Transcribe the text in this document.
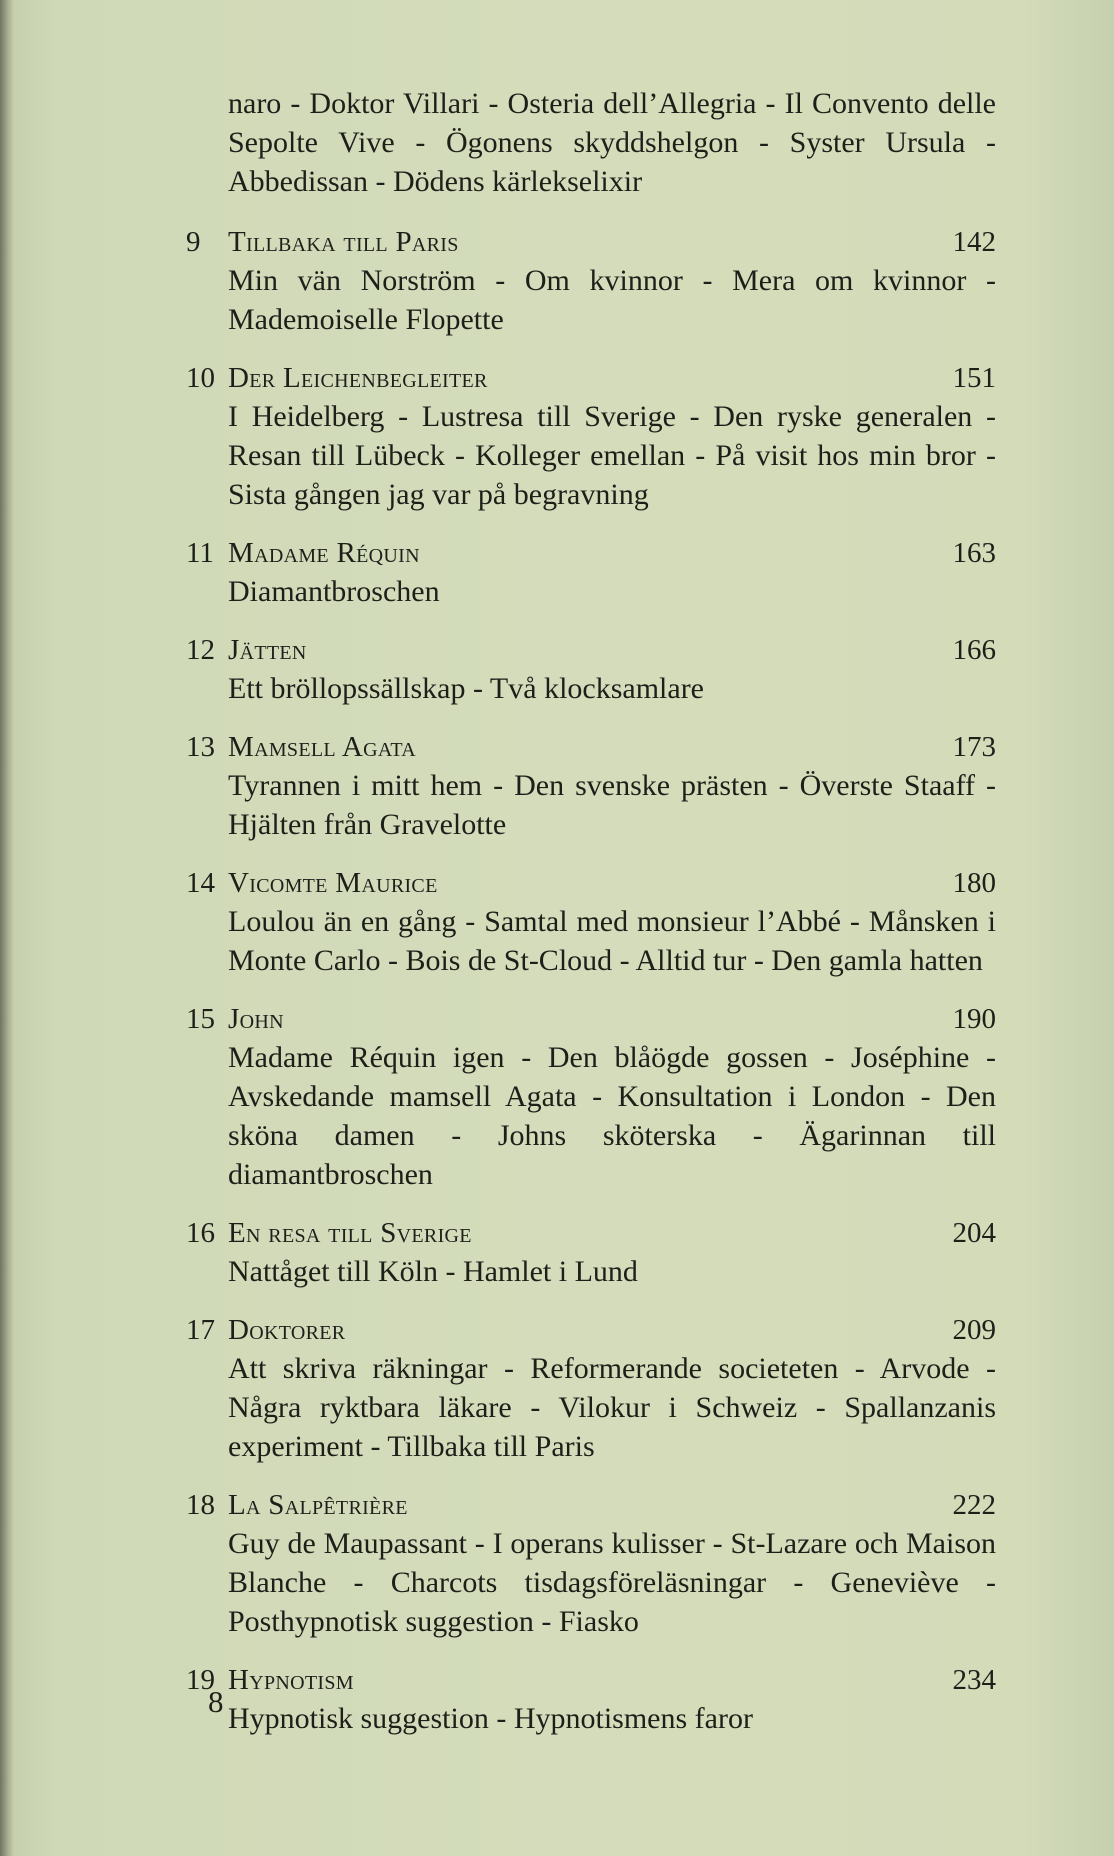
naro - Doktor Villari - Osteria dell’Allegria - Il Convento delle Sepolte Vive - Ögonens skyddshelgon - Syster Ursula - Abbedissan - Dödens kärlekselixir
9 Tillbaka till Paris	142
Min vän Norström - Om kvinnor - Mera om kvinnor - Mademoiselle Flopette
10 Der Leichenbegleiter	151
I Heidelberg - Lustresa till Sverige - Den ryske generalen - Resan till Lübeck - Kolleger emellan - På visit hos min bror - Sista gången jag var på begravning
11 Madame Réquin	163
Diamantbroschen
12 Jätten	166
Ett bröllopssällskap - Två klocksamlare
13 Mamsell Agata	173
Tyrannen i mitt hem - Den svenske prästen - Överste Staaff - Hjälten från Gravelotte
14 Vicomte Maurice	180
Loulou än en gång - Samtal med monsieur l’Abbé - Månsken i Monte Carlo - Bois de St-Cloud - Alltid tur - Den gamla hatten
15 John	190
Madame Réquin igen - Den blåögde gossen - Joséphine - Avskedande mamsell Agata - Konsultation i London - Den sköna damen - Johns sköterska - Ägarinnan till diamantbroschen
16 En resa till Sverige	204
Nattåget till Köln - Hamlet i Lund
17 Doktorer	209
Att skriva räkningar - Reformerande societeten - Arvode - Några ryktbara läkare - Vilokur i Schweiz - Spallanzanis experiment - Tillbaka till Paris
18 La Salpêtrière	222
Guy de Maupassant - I operans kulisser - St-Lazare och Maison Blanche - Charcots tisdagsföreläsningar - Geneviève - Posthypnotisk suggestion - Fiasko
19 Hypnotism	234
Hypnotisk suggestion - Hypnotismens faror
8
